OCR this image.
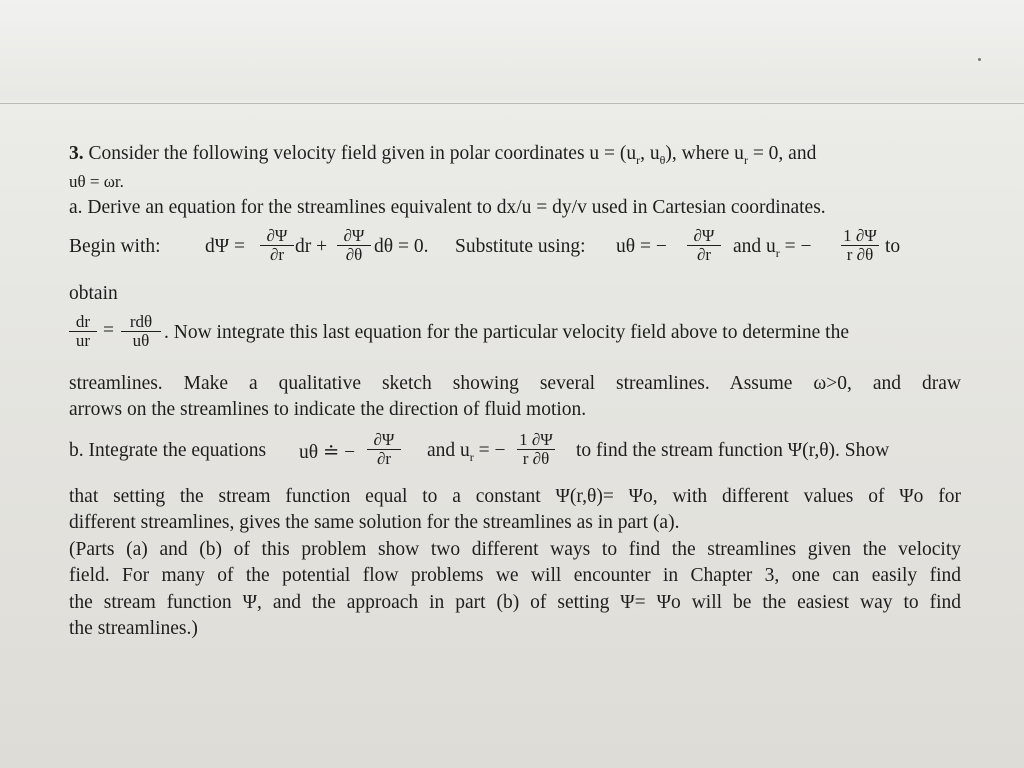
3. Consider the following velocity field given in polar coordinates $u = (u_r$, $u_\theta$), where $u_r = 0$, and
uθ = ωr.
a. Derive an equation for the streamlines equivalent to dx/u = dy/v used in Cartesian coordinates.
Begin with: $d\Psi = \frac{\partial\Psi}{\partial r}$ dr + $\frac{\partial\Psi}{\partial\theta}$ dθ = 0. Substitute using: uθ = − $\frac{\partial\Psi}{\partial r}$ and $u_r$ = − $\frac{1 \partial\Psi}{r \partial\theta}$ to
obtain
$\frac{dr}{ur} = rd\theta$
uθ . Now integrate this last equation for the particular velocity field above to determine the
streamlines. Make a qualitative sketch showing several streamlines. Assume ω>0, and draw
arrows on the streamlines to indicate the direction of fluid motion.
b. Integrate the equations uθ ≐ − $\frac{\partial\Psi}{\partial r}$ and $u_r$ = − $\frac{1 \partial\Psi}{r \partial\theta}$ to find the stream function Ψ(r,θ). Show
that setting the stream function equal to a constant Ψ(r,θ)= Ψo, with different values of Ψo for
different streamlines, gives the same solution for the streamlines as in part (a).
(Parts (a) and (b) of this problem show two different ways to find the streamlines given the velocity
field. For many of the potential flow problems we will encounter in Chapter 3, one can easily find
the stream function Ψ, and the approach in part (b) of setting Ψ= Ψo will be the easiest way to find
the streamlines.)
